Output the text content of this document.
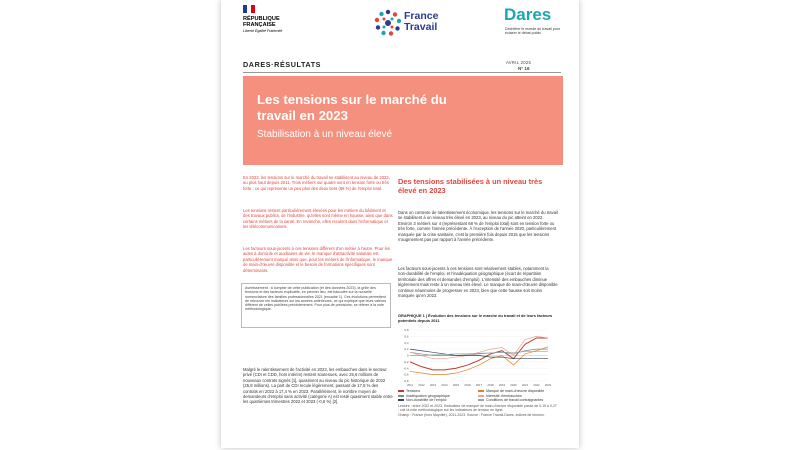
RÉPUBLIQUE FRANÇAISE
Liberté Égalité Fraternité
France Travail
Dares
Déchiffrer le monde du travail pour éclairer le débat public
DARES·RÉSULTATS	AVRIL 2025
N° 16
Les tensions sur le marché du travail en 2023
Stabilisation à un niveau élevé
En 2023, les tensions sur le marché du travail se stabilisent au niveau de 2022, au plus haut depuis 2011. Trois métiers sur quatre sont en tension forte ou très forte ; ce qui représente un peu plus des deux tiers (68 %) de l'emploi total.
Les tensions restent particulièrement élevées pour les métiers du bâtiment et des travaux publics, de l'industrie, qu'elles sont même en hausse, ainsi que dans certains métiers de la santé. En revanche, elles reculent dans l'informatique et les télécommunications.
Les facteurs sous-jacents à ces tensions diffèrent d'un métier à l'autre. Pour les aides à domicile et auxiliaires de vie, le manque d'attractivité salariale est particulièrement marqué alors que, pour les métiers de l'informatique, le manque de main-d'œuvre disponible et le besoin de formations spécifiques sont déterminants.
Avertissement : à compter de cette publication (et des données 2023), la grille des tensions et des facteurs explicatifs, en premier lieu, est basculée sur la nouvelle nomenclature des familles professionnelles 2021 (encadré 1). Ces évolutions permettent de retrouver les indicateurs sur les années antérieures, ce qui explique que leurs valeurs diffèrent de celles publiées précédemment. Pour plus de précisions, se référer à la note méthodologique.
Malgré le ralentissement de l'activité en 2023, les embauches dans le secteur privé (CDI et CDD, hors intérim) restent soutenues, avec 25,6 millions de nouveaux contrats signés [1], quasiment au niveau du pic historique de 2022 (25,8 millions). La part de CDI recule légèrement, passant de 17,8 % des contrats en 2022 à 17,4 % en 2023. Parallèlement, le nombre moyen de demandeurs d'emploi sans activité (catégorie A) est resté quasiment stable entre les quatrièmes trimestres 2022 et 2023 (-0,6 %) [2].
Des tensions stabilisées à un niveau très élevé en 2023
Dans un contexte de ralentissement économique, les tensions sur le marché du travail se stabilisent à un niveau très élevé en 2023, au niveau du pic atteint en 2022. Environ 3 métiers sur 4 (représentant 68 % de l'emploi total) sont en tension forte ou très forte, comme l'année précédente. À l'exception de l'année 2020, particulièrement marquée par la crise sanitaire, c'est la première fois depuis 2015 que les tensions n'augmentent pas par rapport à l'année précédente.
Les facteurs sous-jacents à ces tensions sont relativement stables, notamment la non-durabilité de l'emploi, et l'inadéquation géographique (écart de répartition territoriale des offres et demandes d'emploi). L'intensité des embauches diminue légèrement mais reste à un niveau très élevé. Le manque de main-d'œuvre disponible continue néanmoins de progresser en 2023, bien que cette hausse soit moins marquée qu'en 2022.
GRAPHIQUE 1 | Évolution des tensions sur le marché du travail et de leurs facteurs potentiels depuis 2011
0,8
0,6
0,4
0,2
0
-0,2
-0,4
-0,6
-0,8
2011 2012 2013 2014 2015 2016 2017 2018 2019 2020 2021 2022 2023
Tensions	Manque de main-d'œuvre disponible
Inadéquation géographique	Intensité d'embauches
Non-durabilité de l'emploi	Conditions de travail contraignantes
Lecture : entre 2022 et 2023, l'indicateur de manque de main-d'œuvre disponible passe de 0,15 à 0,27 ; voir la note méthodologique sur les indicateurs de tension en ligne.
Champ : France (hors Mayotte), 2011-2023. Source : France Travail-Dares, indices de tension.
